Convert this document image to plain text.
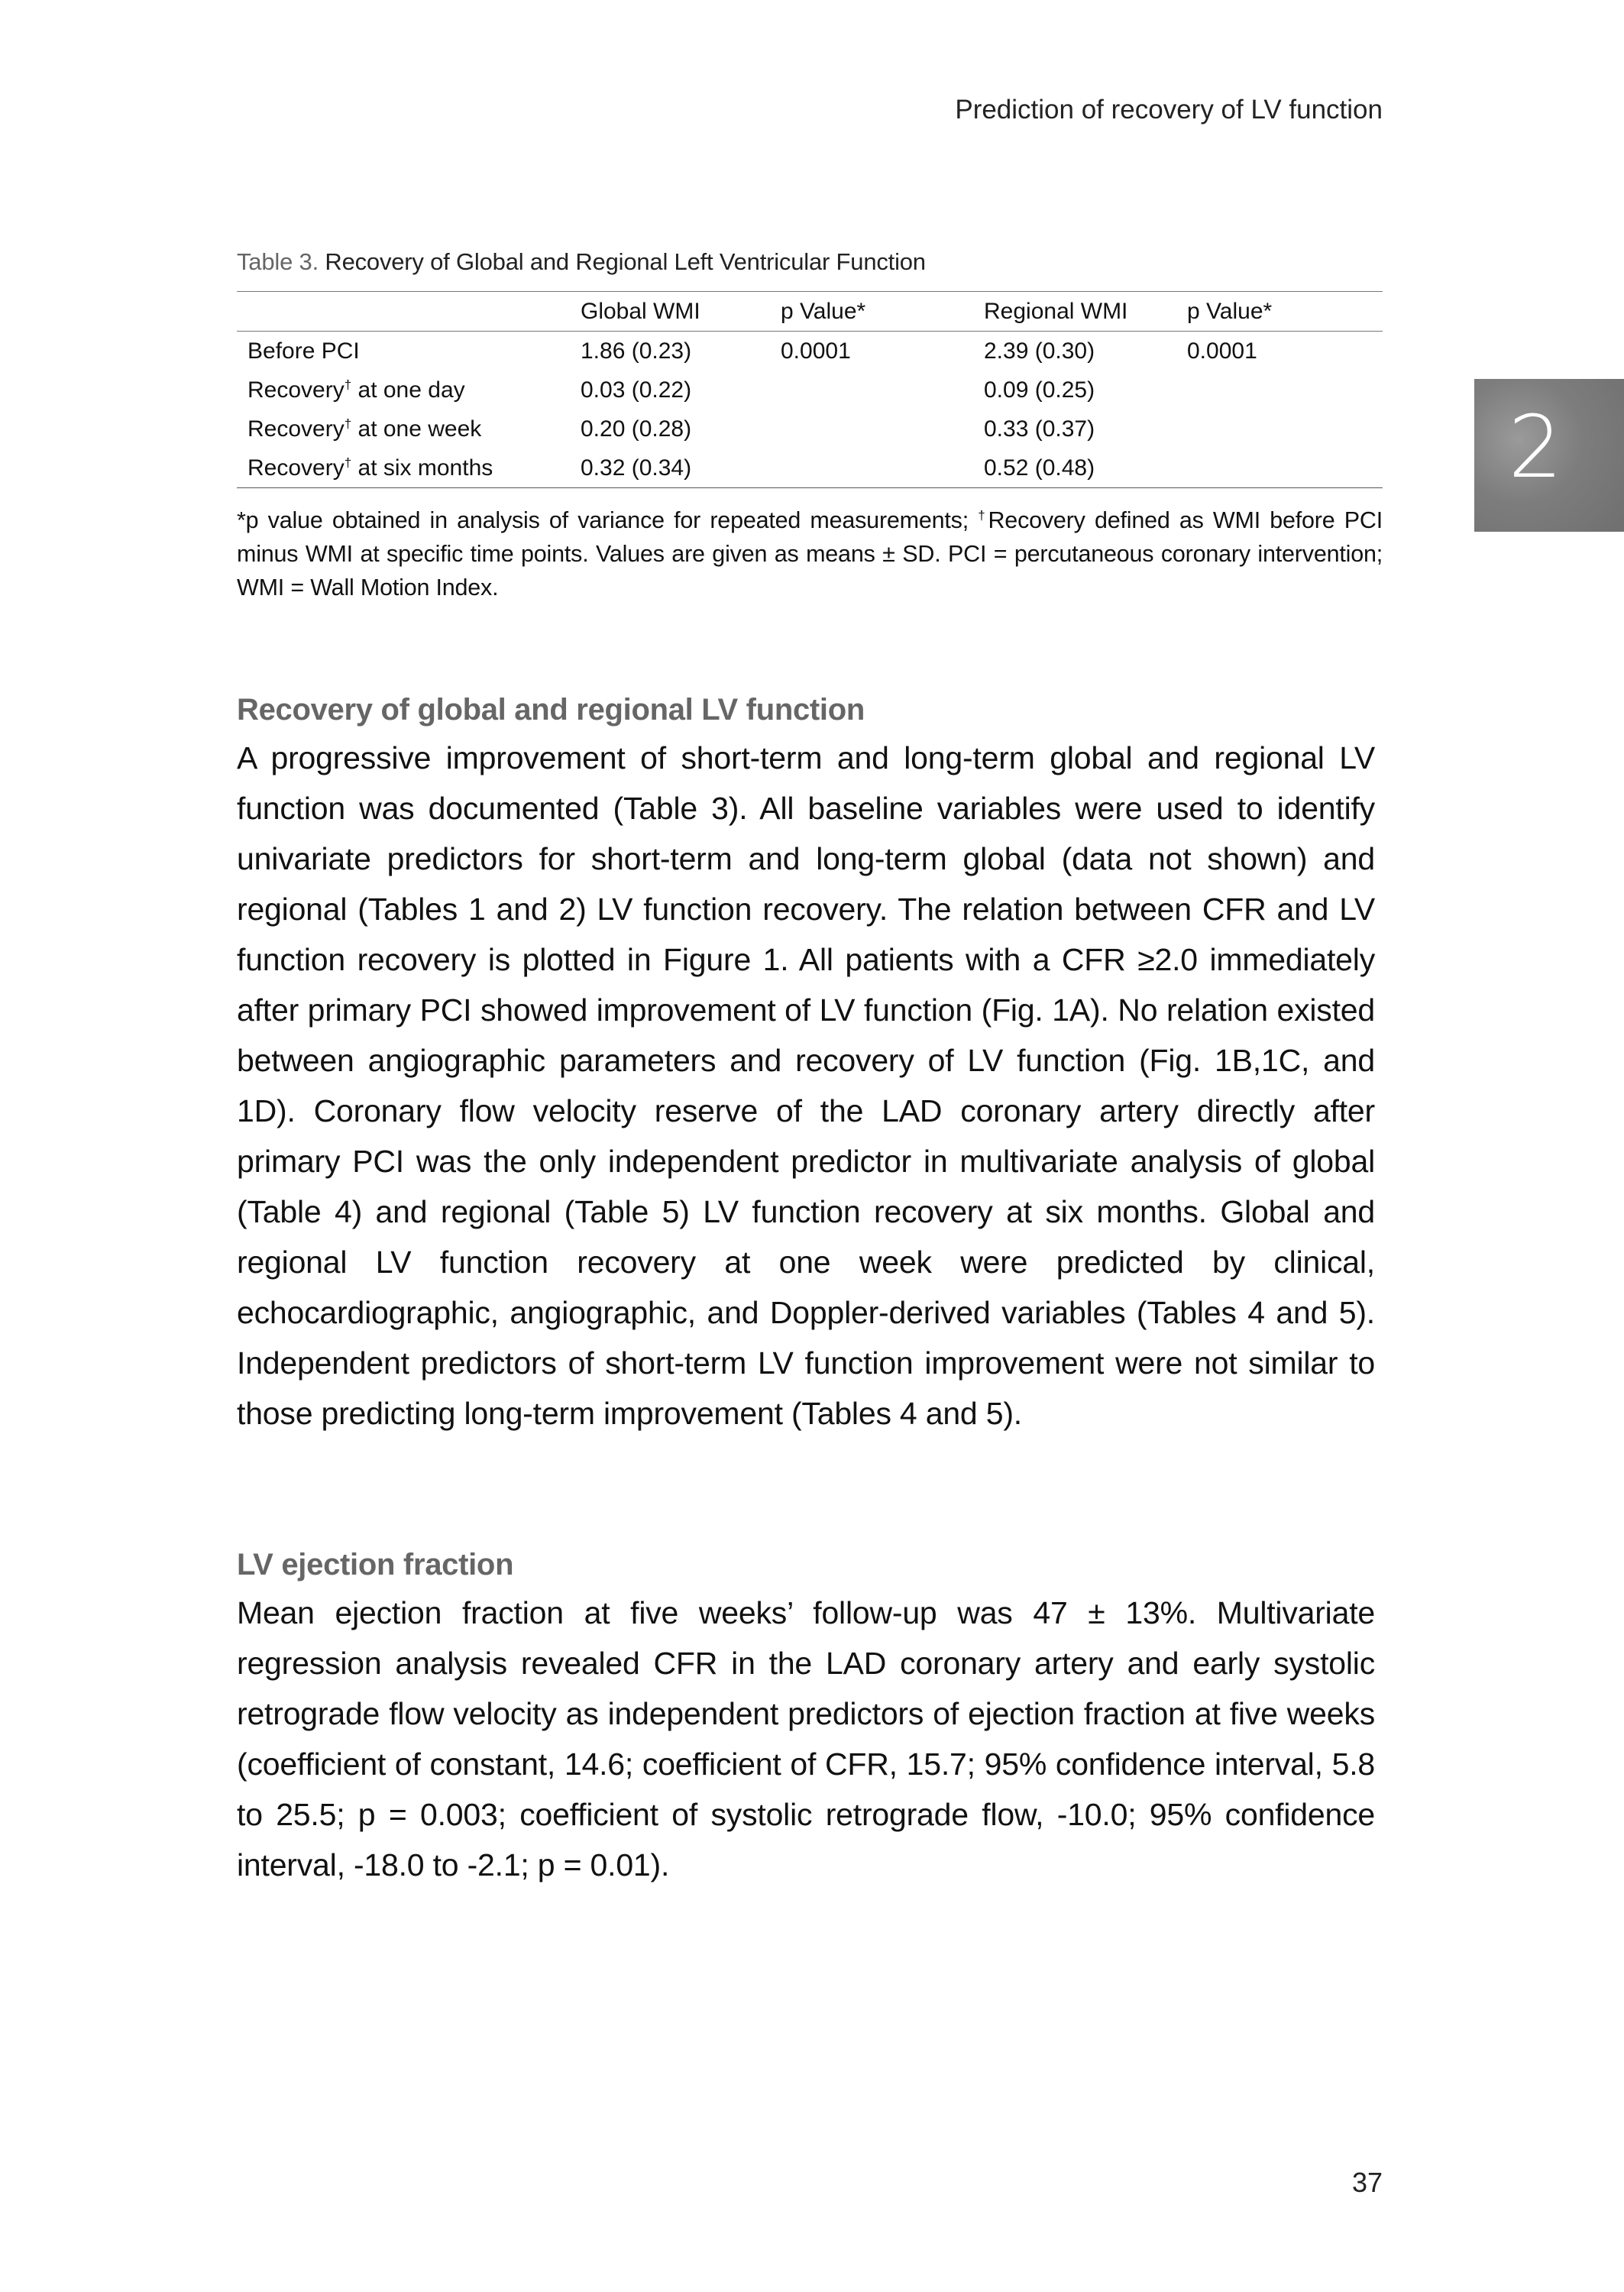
Prediction of recovery of LV function
2
Table 3. Recovery of Global and Regional Left Ventricular Function
	Global WMI	p Value*	Regional WMI	p Value*
Before PCI	1.86 (0.23)	0.0001	2.39 (0.30)	0.0001
Recovery† at one day	0.03 (0.22)		0.09 (0.25)	
Recovery† at one week	0.20 (0.28)		0.33 (0.37)	
Recovery† at six months	0.32 (0.34)		0.52 (0.48)	
*p value obtained in analysis of variance for repeated measurements; †Recovery defined as WMI before PCI minus WMI at specific time points. Values are given as means ± SD. PCI = percutaneous coronary intervention; WMI = Wall Motion Index.
Recovery of global and regional LV function

A progressive improvement of short-term and long-term global and regional LV function was documented (Table 3). All baseline variables were used to identify univariate predictors for short-term and long-term global (data not shown) and regional (Tables 1 and 2) LV function recovery. The relation between CFR and LV function recovery is plotted in Figure 1. All patients with a CFR ≥2.0 immediately after primary PCI showed improvement of LV function (Fig. 1A). No relation existed between angiographic parameters and recovery of LV function (Fig. 1B,1C, and 1D). Coronary flow velocity reserve of the LAD coronary artery directly after primary PCI was the only independent predictor in multivariate analysis of global (Table 4) and regional (Table 5) LV function recovery at six months. Global and regional LV function recovery at one week were predicted by clinical, echocardiographic, angiographic, and Doppler-derived variables (Tables 4 and 5). Independent predictors of short-term LV function improvement were not similar to those predicting long-term improvement (Tables 4 and 5).

LV ejection fraction

Mean ejection fraction at five weeks’ follow-up was 47 ± 13%. Multivariate regression analysis revealed CFR in the LAD coronary artery and early systolic retrograde flow velocity as independent predictors of ejection fraction at five weeks (coefficient of constant, 14.6; coefficient of CFR, 15.7; 95% confidence interval, 5.8 to 25.5; p = 0.003; coefficient of systolic retrograde flow, -10.0; 95% confidence interval, -18.0 to -2.1; p = 0.01).

37
